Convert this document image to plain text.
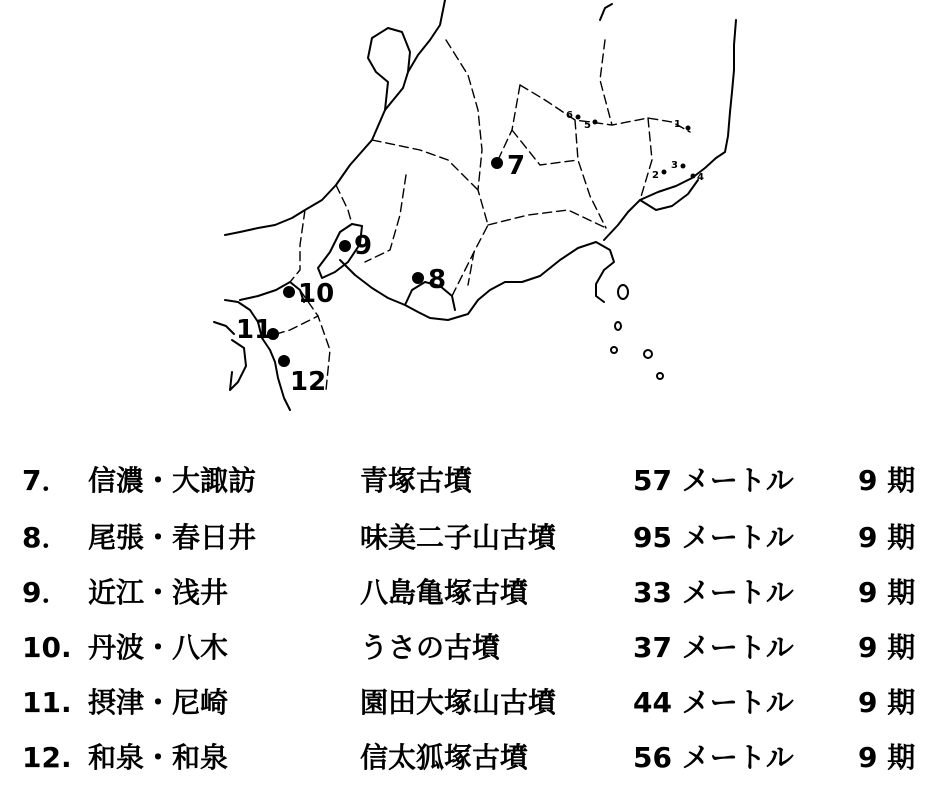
1
2
3
4
5
6
7
8
9
10
11
12
7． 信濃・大諏訪	青塚古墳	57 メートル 9 期
8． 尾張・春日井	味美二子山古墳	95 メートル 9 期
9． 近江・浅井	八島亀塚古墳	33 メートル 9 期
10. 丹波・八木	うさの古墳	37 メートル 9 期
11. 摂津・尼崎	園田大塚山古墳	44 メートル 9 期
12. 和泉・和泉	信太狐塚古墳	56 メートル 9 期
